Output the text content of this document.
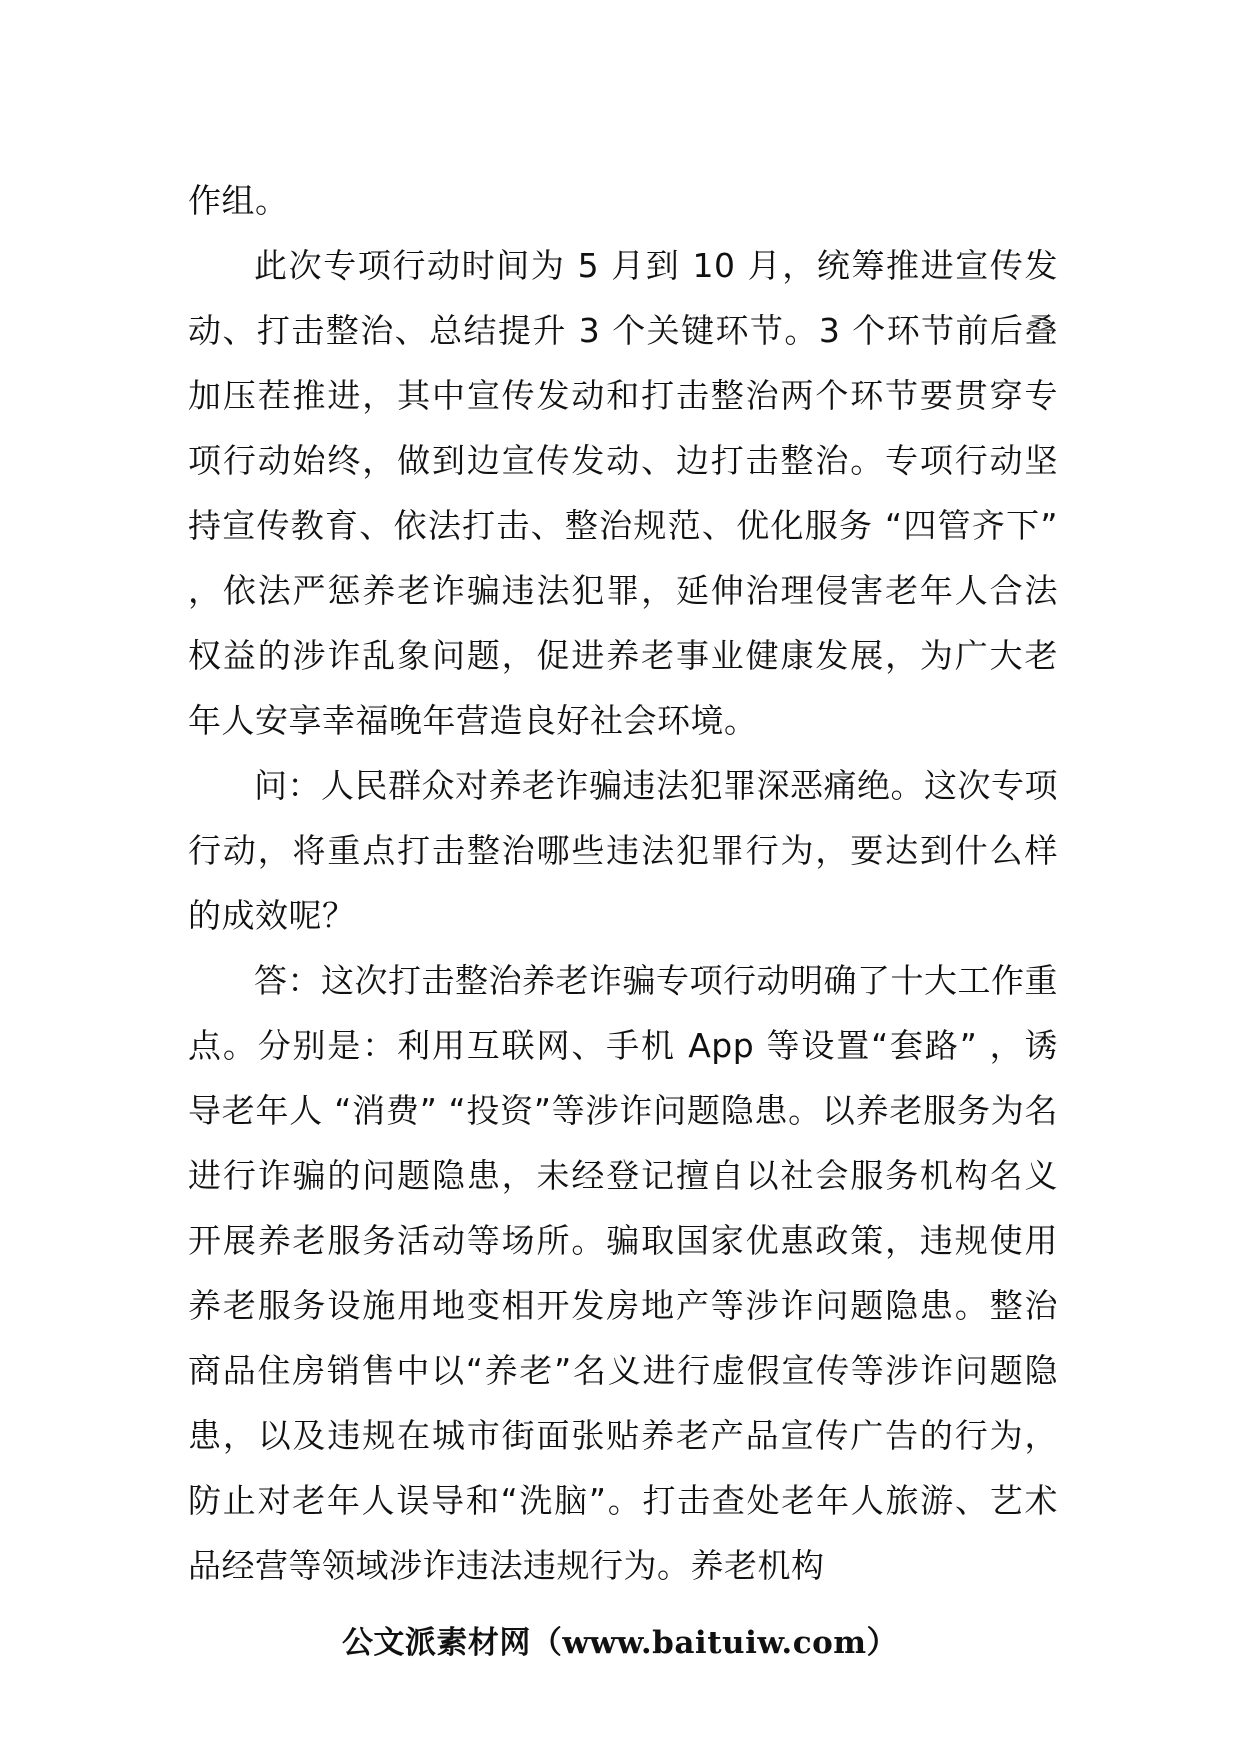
作组。

此次专项行动时间为 5 月到 10 月，统筹推进宣传发动、打击整治、总结提升 3 个关键环节。3 个环节前后叠加压茬推进，其中宣传发动和打击整治两个环节要贯穿专项行动始终，做到边宣传发动、边打击整治。专项行动坚持宣传教育、依法打击、整治规范、优化服务 “四管齐下” ，依法严惩养老诈骗违法犯罪，延伸治理侵害老年人合法权益的涉诈乱象问题，促进养老事业健康发展，为广大老年人安享幸福晚年营造良好社会环境。

问：人民群众对养老诈骗违法犯罪深恶痛绝。这次专项行动，将重点打击整治哪些违法犯罪行为，要达到什么样的成效呢？

答：这次打击整治养老诈骗专项行动明确了十大工作重点。分别是：利用互联网、手机 App 等设置“套路” ，诱导老年人 “消费” “投资”等涉诈问题隐患。以养老服务为名进行诈骗的问题隐患，未经登记擅自以社会服务机构名义开展养老服务活动等场所。骗取国家优惠政策，违规使用养老服务设施用地变相开发房地产等涉诈问题隐患。整治商品住房销售中以“养老”名义进行虚假宣传等涉诈问题隐患，以及违规在城市街面张贴养老产品宣传广告的行为，防止对老年人误导和“洗脑”。打击查处老年人旅游、艺术品经营等领域涉诈违法违规行为。养老机构

公文派素材网（www.baituiw.com）
